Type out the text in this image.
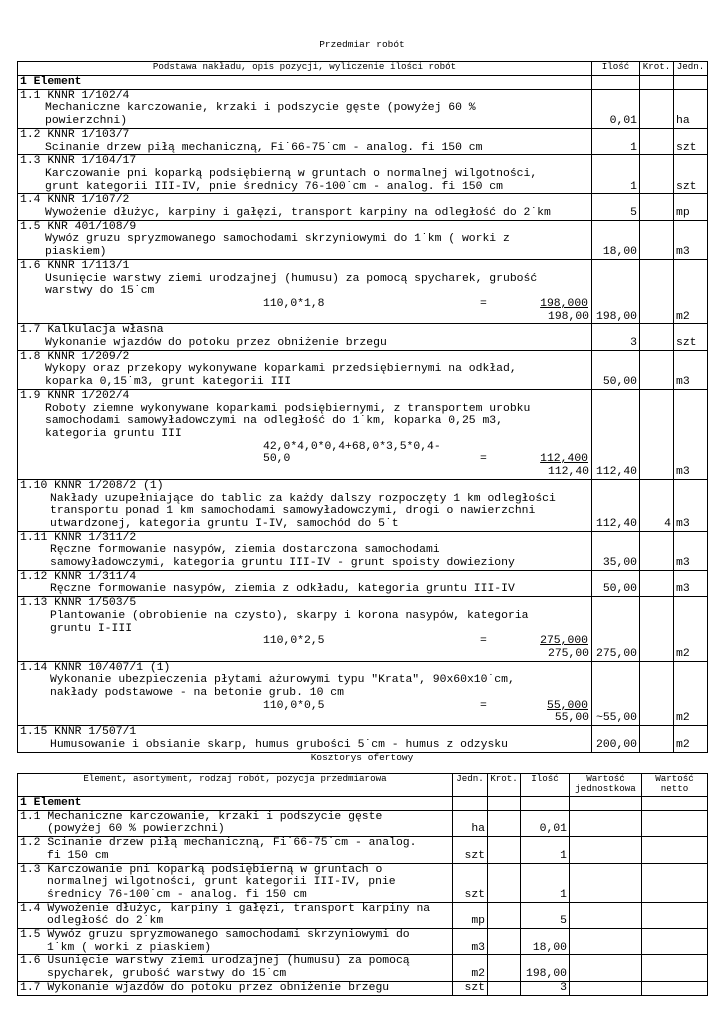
Przedmiar robót
Podstawa nakładu, opis pozycji, wyliczenie ilości robót	Ilość	Krot.	Jedn.
1 Element			
1.1 KNNR 1/102/4			
Mechaniczne karczowanie, krzaki i podszycie gęste (powyżej 60 %			
powierzchni)	0,01		ha
1.2 KNNR 1/103/7			
Ścinanie drzew piłą mechaniczną, Fi˙66-75˙cm - analog. fi 150 cm	1		szt
1.3 KNNR 1/104/17			
Karczowanie pni koparką podsiębierną w gruntach o normalnej wilgotności,			
grunt kategorii III-IV, pnie średnicy 76-100˙cm - analog. fi 150 cm	1		szt
1.4 KNNR 1/107/2			
Wywożenie dłużyc, karpiny i gałęzi, transport karpiny na odległość do 2˙km	5		mp
1.5 KNR 401/108/9			
Wywóz gruzu spryzmowanego samochodami skrzyniowymi do 1˙km ( worki z			
piaskiem)	18,00		m3
1.6 KNNR 1/113/1			
Usunięcie warstwy ziemi urodzajnej (humusu) za pomocą spycharek, grubość			
warstwy do 15˙cm			
110,0*1,8 = 198,000			

198,00	198,00		m2
1.7 Kalkulacja własna			
Wykonanie wjazdów do potoku przez obniżenie brzegu	3		szt
1.8 KNNR 1/209/2			
Wykopy oraz przekopy wykonywane koparkami przedsiębiernymi na odkład,			
koparka 0,15˙m3, grunt kategorii III	50,00		m3
1.9 KNNR 1/202/4			
Roboty ziemne wykonywane koparkami podsiębiernymi, z transportem urobku			
samochodami samowyładowczymi na odległość do 1˙km, koparka 0,25 m3,			
kategoria gruntu III			
42,0*4,0*0,4+68,0*3,5*0,4-			
50,0 = 112,400			

112,40	112,40		m3
1.10 KNNR 1/208/2 (1)			
Nakłady uzupełniające do tablic za każdy dalszy rozpoczęty 1 km odległości			
transportu ponad 1 km samochodami samowyładowczymi, drogi o nawierzchni			
utwardzonej, kategoria gruntu I-IV, samochód do 5˙t	112,40	4	m3
1.11 KNNR 1/311/2			
Ręczne formowanie nasypów, ziemia dostarczona samochodami			
samowyładowczymi, kategoria gruntu III-IV - grunt spoisty dowieziony	35,00		m3
1.12 KNNR 1/311/4			
Ręczne formowanie nasypów, ziemia z odkładu, kategoria gruntu III-IV	50,00		m3
1.13 KNNR 1/503/5			
Plantowanie (obrobienie na czysto), skarpy i korona nasypów, kategoria			
gruntu I-III			
110,0*2,5 = 275,000			

275,00	275,00		m2
1.14 KNNR 10/407/1 (1)			
Wykonanie ubezpieczenia płytami ażurowymi typu "Krata", 90x60x10˙cm,			
nakłady podstawowe - na betonie grub. 10 cm			
110,0*0,5 = 55,000			

55,00	~55,00		m2
1.15 KNNR 1/507/1			
Humusowanie i obsianie skarp, humus grubości 5˙cm - humus z odzysku	200,00		m2
Kosztorys ofertowy
Element, asortyment, rodzaj robót, pozycja przedmiarowa	Jedn.	Krot.	Ilość	Wartość jednostkowa	Wartość netto
1 Element					
1.1 Mechaniczne karczowanie, krzaki i podszycie gęste					
(powyżej 60 % powierzchni)	ha		0,01		
1.2 Ścinanie drzew piłą mechaniczną, Fi˙66-75˙cm - analog.					
fi 150 cm	szt		1		
1.3 Karczowanie pni koparką podsiębierną w gruntach o					
normalnej wilgotności, grunt kategorii III-IV, pnie					
średnicy 76-100˙cm - analog. fi 150 cm	szt		1		
1.4 Wywożenie dłużyc, karpiny i gałęzi, transport karpiny na					
odległość do 2˙km	mp		5		
1.5 Wywóz gruzu spryzmowanego samochodami skrzyniowymi do					
1˙km ( worki z piaskiem)	m3		18,00		
1.6 Usunięcie warstwy ziemi urodzajnej (humusu) za pomocą					
spycharek, grubość warstwy do 15˙cm	m2		198,00		
1.7 Wykonanie wjazdów do potoku przez obniżenie brzegu	szt		3		
